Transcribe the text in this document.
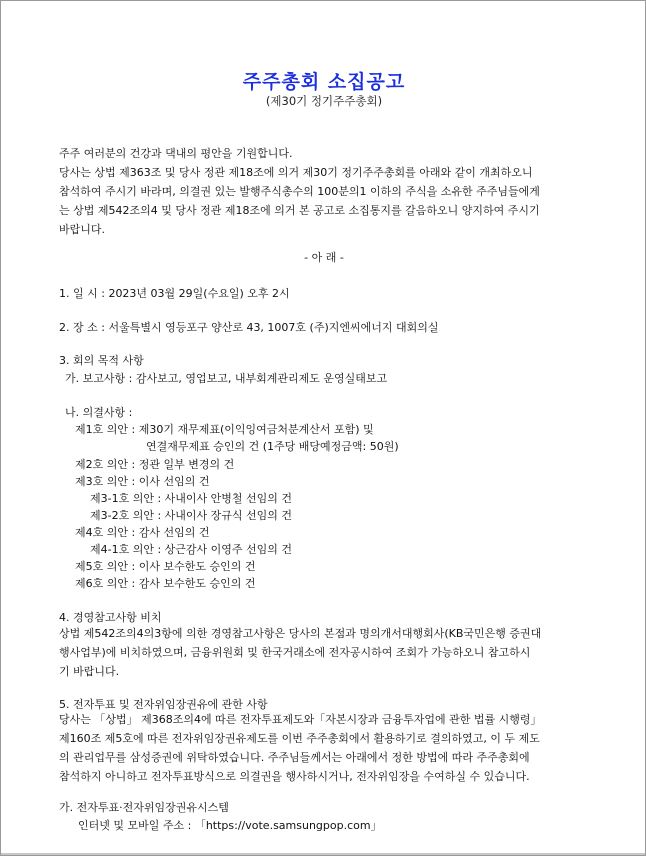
주주총회 소집공고
(제30기 정기주주총회)
주주 여러분의 건강과 댁내의 평안을 기원합니다.
당사는 상법 제363조 및 당사 정관 제18조에 의거 제30기 정기주주총회를 아래와 같이 개최하오니
참석하여 주시기 바라며, 의결권 있는 발행주식총수의 100분의1 이하의 주식을 소유한 주주님들에게
는 상법 제542조의4 및 당사 정관 제18조에 의거 본 공고로 소집통지를 갈음하오니 양지하여 주시기
바랍니다.
- 아 래 -
1. 일 시 : 2023년 03월 29일(수요일) 오후 2시
2. 장 소 : 서울특별시 영등포구 양산로 43, 1007호 (주)지엔씨에너지 대회의실
3. 회의 목적 사항
가. 보고사항 : 감사보고, 영업보고, 내부회계관리제도 운영실태보고
나. 의결사항 :
제1호 의안 : 제30기 재무제표(이익잉여금처분계산서 포함) 및
연결재무제표 승인의 건 (1주당 배당예정금액: 50원)
제2호 의안 : 정관 일부 변경의 건
제3호 의안 : 이사 선임의 건
제3-1호 의안 : 사내이사 안병철 선임의 건
제3-2호 의안 : 사내이사 장규식 선임의 건
제4호 의안 : 감사 선임의 건
제4-1호 의안 : 상근감사 이영주 선임의 건
제5호 의안 : 이사 보수한도 승인의 건
제6호 의안 : 감사 보수한도 승인의 건
4. 경영참고사항 비치
상법 제542조의4의3항에 의한 경영참고사항은 당사의 본점과 명의개서대행회사(KB국민은행 증권대
행사업부)에 비치하였으며, 금융위원회 및 한국거래소에 전자공시하여 조회가 가능하오니 참고하시
기 바랍니다.
5. 전자투표 및 전자위임장권유에 관한 사항
당사는 「상법」 제368조의4에 따른 전자투표제도와「자본시장과 금융투자업에 관한 법률 시행령」
제160조 제5호에 따른 전자위임장권유제도를 이번 주주총회에서 활용하기로 결의하였고, 이 두 제도
의 관리업무를 삼성증권에 위탁하였습니다. 주주님들께서는 아래에서 정한 방법에 따라 주주총회에
참석하지 아니하고 전자투표방식으로 의결권을 행사하시거나, 전자위임장을 수여하실 수 있습니다.
가. 전자투표·전자위임장권유시스템
인터넷 및 모바일 주소 : 「https://vote.samsungpop.com」
